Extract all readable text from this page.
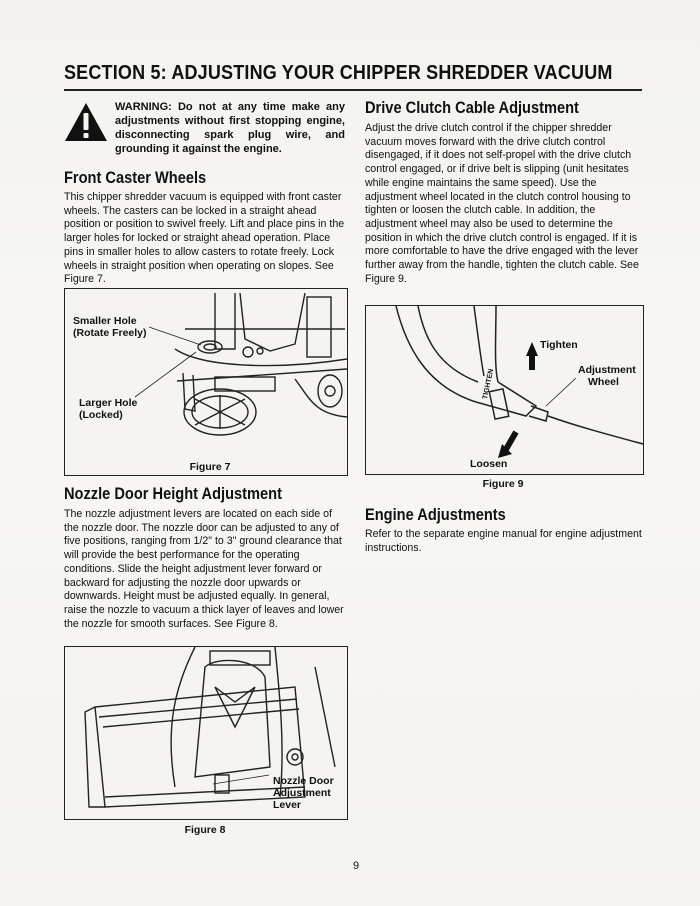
SECTION 5: ADJUSTING YOUR CHIPPER SHREDDER VACUUM

WARNING: Do not at any time make any adjustments without first stopping engine, disconnecting spark plug wire, and grounding it against the engine.

Front Caster Wheels

This chipper shredder vacuum is equipped with front caster wheels. The casters can be locked in a straight ahead position or position to swivel freely. Lift and place pins in the larger holes for locked or straight ahead operation. Place pins in smaller holes to allow casters to rotate freely. Lock wheels in straight position when operating on slopes. See Figure 7.

Smaller Hole
(Rotate Freely)
Larger Hole
(Locked)
Figure 7
Nozzle Door Height Adjustment

The nozzle adjustment levers are located on each side of the nozzle door. The nozzle door can be adjusted to any of five positions, ranging from 1/2" to 3" ground clearance that will provide the best performance for the operating conditions. Slide the height adjustment lever forward or backward for adjusting the nozzle door upwards or downwards. Height must be adjusted equally. In general, raise the nozzle to vacuum a thick layer of leaves and lower the nozzle for smooth surfaces. See Figure 8.

Nozzle Door
Adjustment
Lever
Figure 8
Drive Clutch Cable Adjustment

Adjust the drive clutch control if the chipper shredder vacuum moves forward with the drive clutch control disengaged, if it does not self-propel with the drive clutch control engaged, or if drive belt is slipping (unit hesitates while engine maintains the same speed). Use the adjustment wheel located in the clutch control housing to tighten or loosen the clutch cable. In addition, the adjustment wheel may also be used to determine the position in which the drive clutch control is engaged. If it is more comfortable to have the drive engaged with the lever further away from the handle, tighten the clutch cable. See Figure 9.

Tighten
Adjustment
Wheel
Loosen
TIGHTEN
Figure 9
Engine Adjustments

Refer to the separate engine manual for engine adjustment instructions.

9
